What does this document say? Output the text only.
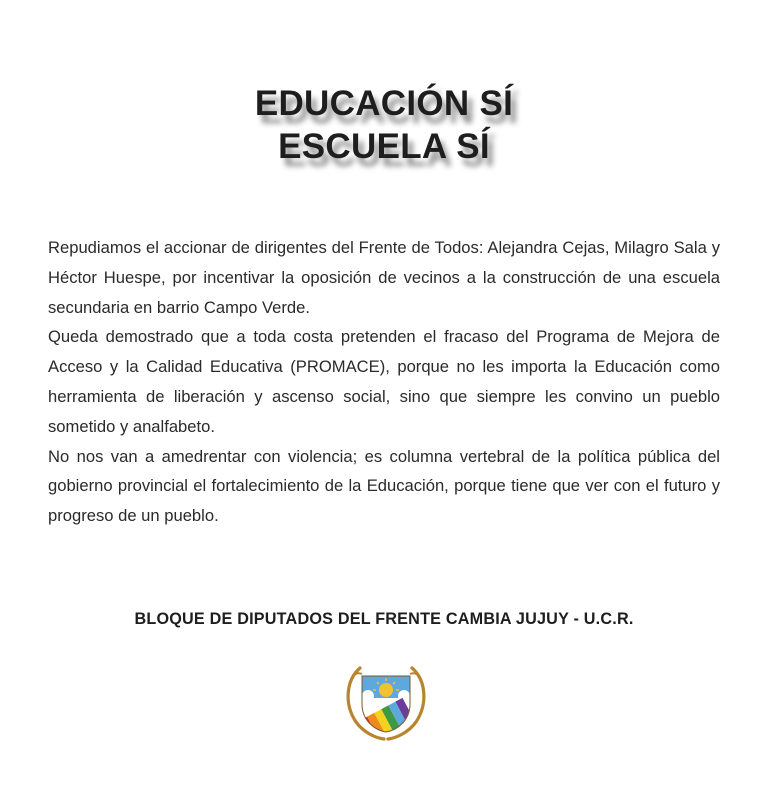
EDUCACIÓN SÍ
ESCUELA SÍ

Repudiamos el accionar de dirigentes del Frente de Todos: Alejandra Cejas, Milagro Sala y Héctor Huespe, por incentivar la oposición de vecinos a la construcción de una escuela secundaria en barrio Campo Verde.

Queda demostrado que a toda costa pretenden el fracaso del Programa de Mejora de Acceso y la Calidad Educativa (PROMACE), porque no les importa la Educación como herramienta de liberación y ascenso social, sino que siempre les convino un pueblo sometido y analfabeto.

No nos van a amedrentar con violencia; es columna vertebral de la política pública del gobierno provincial el fortalecimiento de la Educación, porque tiene que ver con el futuro y progreso de un pueblo.

BLOQUE DE DIPUTADOS DEL FRENTE CAMBIA JUJUY - U.C.R.
